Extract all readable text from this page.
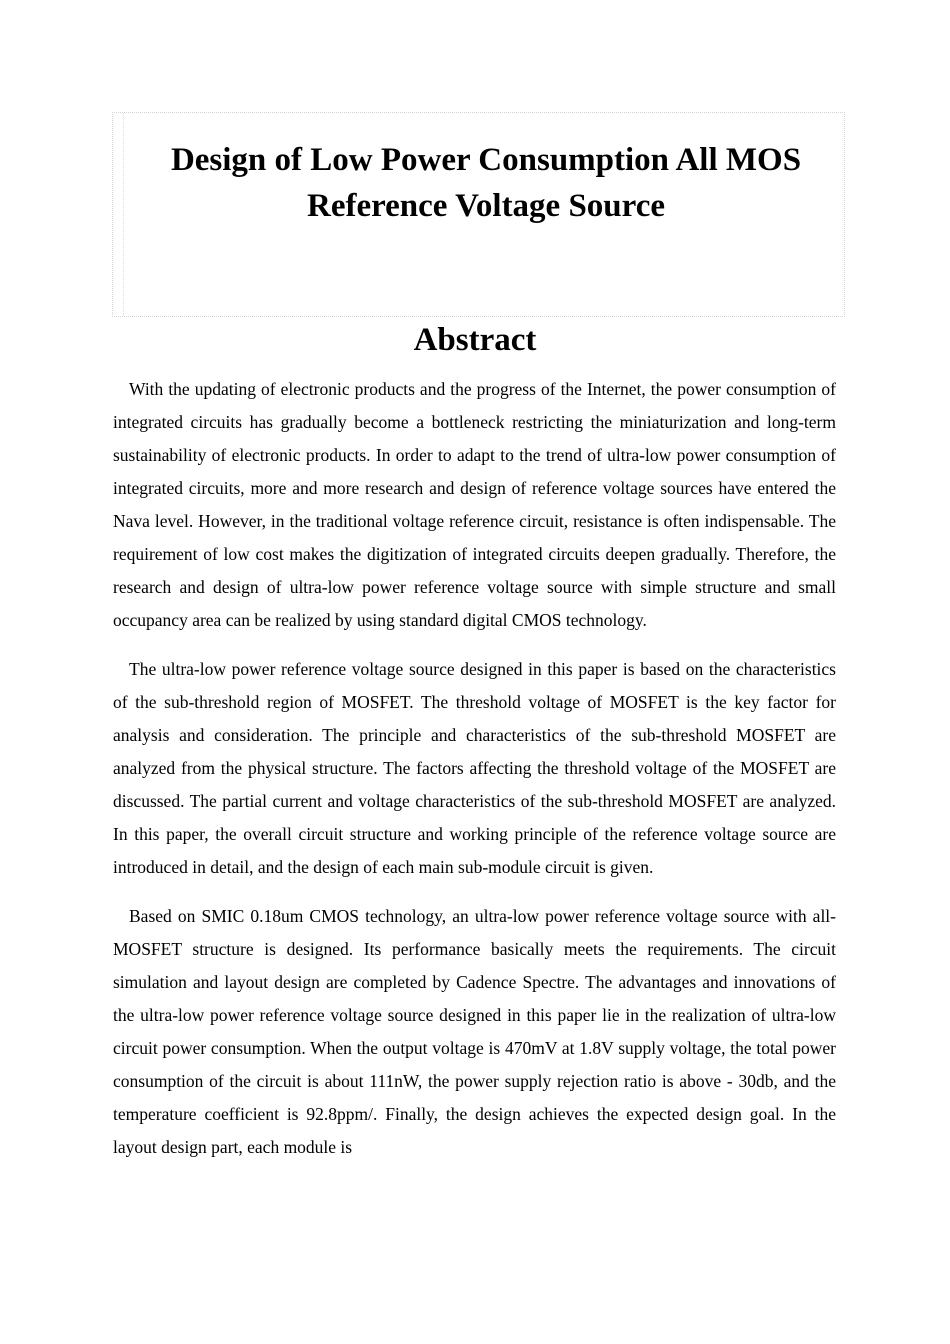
Design of Low Power Consumption All MOS Reference Voltage Source
Abstract

With the updating of electronic products and the progress of the Internet, the power consumption of integrated circuits has gradually become a bottleneck restricting the miniaturization and long-term sustainability of electronic products. In order to adapt to the trend of ultra-low power consumption of integrated circuits, more and more research and design of reference voltage sources have entered the Nava level. However, in the traditional voltage reference circuit, resistance is often indispensable. The requirement of low cost makes the digitization of integrated circuits deepen gradually. Therefore, the research and design of ultra-low power reference voltage source with simple structure and small occupancy area can be realized by using standard digital CMOS technology.

The ultra-low power reference voltage source designed in this paper is based on the characteristics of the sub-threshold region of MOSFET. The threshold voltage of MOSFET is the key factor for analysis and consideration. The principle and characteristics of the sub-threshold MOSFET are analyzed from the physical structure. The factors affecting the threshold voltage of the MOSFET are discussed. The partial current and voltage characteristics of the sub-threshold MOSFET are analyzed. In this paper, the overall circuit structure and working principle of the reference voltage source are introduced in detail, and the design of each main sub-module circuit is given.

Based on SMIC 0.18um CMOS technology, an ultra-low power reference voltage source with all-MOSFET structure is designed. Its performance basically meets the requirements. The circuit simulation and layout design are completed by Cadence Spectre. The advantages and innovations of the ultra-low power reference voltage source designed in this paper lie in the realization of ultra-low circuit power consumption. When the output voltage is 470mV at 1.8V supply voltage, the total power consumption of the circuit is about 111nW, the power supply rejection ratio is above - 30db, and the temperature coefficient is 92.8ppm/. Finally, the design achieves the expected design goal. In the layout design part, each module is
